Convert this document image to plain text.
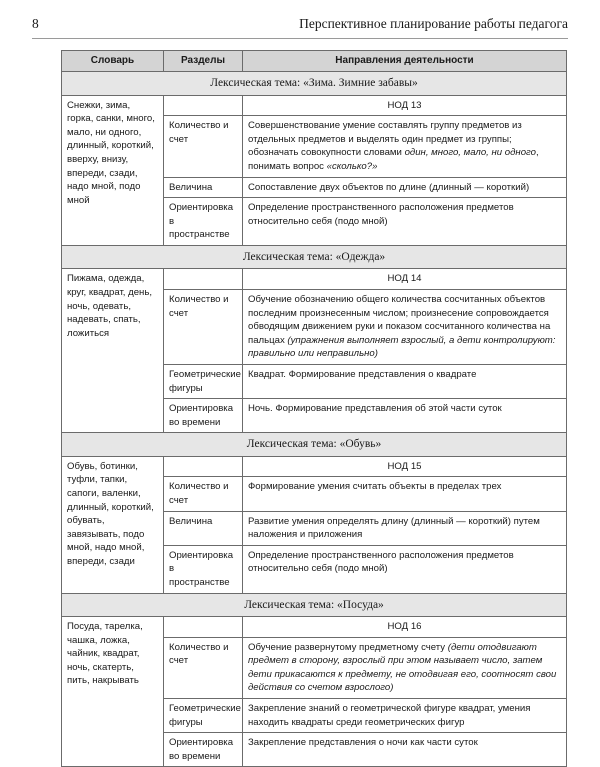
8	Перспективное планирование работы педагога
Словарь	Разделы	Направления деятельности
Лексическая тема: «Зима. Зимние забавы»		
Снежки, зима, горка, санки, много, мало, ни одного, длинный, короткий, вверху, внизу, впереди, сзади, надо мной, подо мной		НОД 13
	Количество и счет	Совершенствование умение составлять группу предметов из отдельных предметов и выделять один предмет из группы; обозначать совокупности словами один, много, мало, ни одного, понимать вопрос «сколько?»
	Величина	Сопоставление двух объектов по длине (длинный — короткий)
	Ориентировка в пространстве	Определение пространственного расположения предметов относительно себя (подо мной)
Лексическая тема: «Одежда»		
Пижама, одежда, круг, квадрат, день, ночь, одевать, надевать, спать, ложиться		НОД 14
	Количество и счет	Обучение обозначению общего количества сосчитанных объектов последним произнесенным числом; произнесение сопровождается обводящим движением руки и показом сосчитанного количества на пальцах (упражнения выполняет взрослый, а дети контролируют: правильно или неправильно)
	Геометрические фигуры	Квадрат. Формирование представления о квадрате
	Ориентировка во времени	Ночь. Формирование представления об этой части суток
Лексическая тема: «Обувь»		
Обувь, ботинки, туфли, тапки, сапоги, валенки, длинный, короткий, обувать, завязывать, подо мной, надо мной, впереди, сзади		НОД 15
	Количество и счет	Формирование умения считать объекты в пределах трех
	Величина	Развитие умения определять длину (длинный — короткий) путем наложения и приложения
	Ориентировка в пространстве	Определение пространственного расположения предметов относительно себя (подо мной)
Лексическая тема: «Посуда»		
Посуда, тарелка, чашка, ложка, чайник, квадрат, ночь, скатерть, пить, накрывать		НОД 16
	Количество и счет	Обучение развернутому предметному счету (дети отодвигают предмет в сторону, взрослый при этом называет число, затем дети прикасаются к предмету, не отодвигая его, соотносят свои действия со счетом взрослого)
	Геометрические фигуры	Закрепление знаний о геометрической фигуре квадрат, умения находить квадраты среди геометрических фигур
	Ориентировка во времени	Закрепление представления о ночи как части суток
